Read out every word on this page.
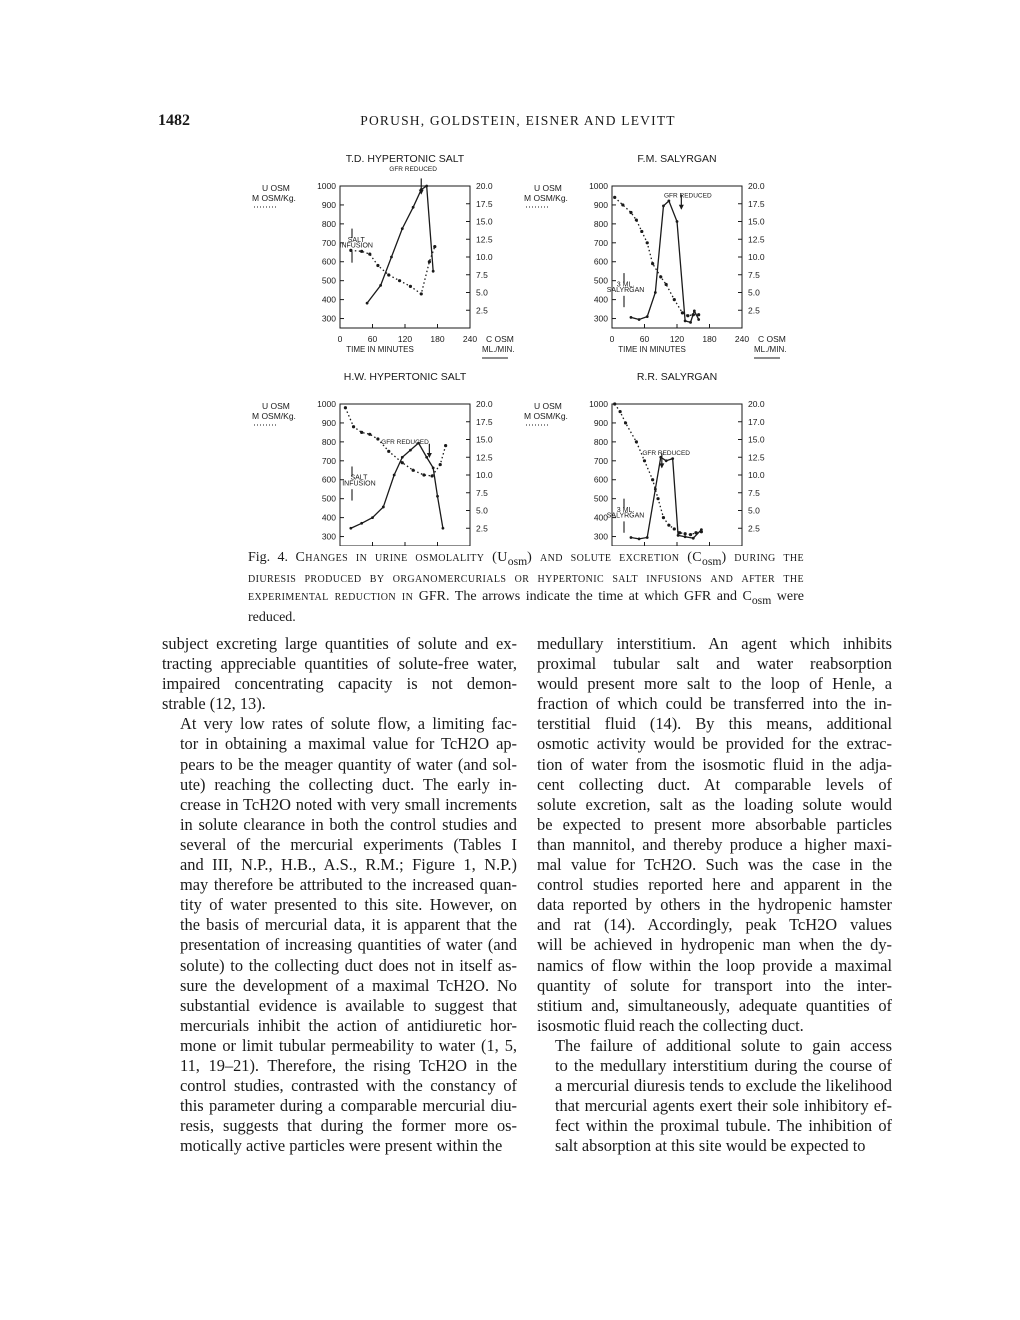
1482	PORUSH, GOLDSTEIN, EISNER AND LEVITT
T.D. HYPERTONIC SALT
U OSM
M OSM/Kg.
1000
900
800
700
600
500
400
300
20.0
17.5
15.0
12.5
10.0
7.5
5.0
2.5
C OSM
ML./MIN.
0	60 120 180 240
TIME IN MINUTES
GFR REDUCED
SALT
INFUSION
F.M. SALYRGAN
U OSM
M OSM/Kg.
1000
900
800
700
600
500
400
300
20.0
17.5
15.0
12.5
10.0
7.5
5.0
2.5
C OSM
ML./MIN.
0	60 120 180 240
TIME IN MINUTES
GFR REDUCED
3 ML.
SALYRGAN
H.W. HYPERTONIC SALT
U OSM
M OSM/Kg.
1000
900
800
700
600
500
400
300
20.0
17.5
15.0
12.5
10.0
7.5
5.0
2.5
GFR REDUCED
SALT
INFUSION
R.R. SALYRGAN
U OSM
M OSM/Kg.
1000
900
800
700
600
500
400
300
20.0
17.0
15.0
12.5
10.0
7.5
5.0
2.5
GFR REDUCED
3 ML.
SALYRGAN
Fig. 4. Changes in urine osmolality $(U_{osm})$ and solute excretion $(C_{osm})$ during the diuresis produced by organomercurials or hypertonic salt infusions and after the experimental reduction in GFR. The arrows indicate the time at which GFR and $C_{osm}$ were reduced.

subject excreting large quantities of solute and ex-
tracting appreciable quantities of solute-free water,
impaired concentrating capacity is not demon-
strable (12, 13).

At very low rates of solute flow, a limiting fac-
tor in obtaining a maximal value for TcH2O ap-
pears to be the meager quantity of water (and sol-
ute) reaching the collecting duct. The early in-
crease in TcH2O noted with very small increments
in solute clearance in both the control studies and
several of the mercurial experiments (Tables I
and III, N.P., H.B., A.S., R.M.; Figure 1, N.P.)
may therefore be attributed to the increased quan-
tity of water presented to this site. However, on
the basis of mercurial data, it is apparent that the
presentation of increasing quantities of water (and
solute) to the collecting duct does not in itself as-
sure the development of a maximal TcH2O. No
substantial evidence is available to suggest that
mercurials inhibit the action of antidiuretic hor-
mone or limit tubular permeability to water (1, 5,
11, 19–21). Therefore, the rising TcH2O in the
control studies, contrasted with the constancy of
this parameter during a comparable mercurial diu-
resis, suggests that during the former more os-
motically active particles were present within the

medullary interstitium. An agent which inhibits
proximal tubular salt and water reabsorption
would present more salt to the loop of Henle, a
fraction of which could be transferred into the in-
terstitial fluid (14). By this means, additional
osmotic activity would be provided for the extrac-
tion of water from the isosmotic fluid in the adja-
cent collecting duct. At comparable levels of
solute excretion, salt as the loading solute would
be expected to present more absorbable particles
than mannitol, and thereby produce a higher maxi-
mal value for TcH2O. Such was the case in the
control studies reported here and apparent in the
data reported by others in the hydropenic hamster
and rat (14). Accordingly, peak TcH2O values
will be achieved in hydropenic man when the dy-
namics of flow within the loop provide a maximal
quantity of solute for transport into the inter-
stitium and, simultaneously, adequate quantities of
isosmotic fluid reach the collecting duct.

The failure of additional solute to gain access
to the medullary interstitium during the course of
a mercurial diuresis tends to exclude the likelihood
that mercurial agents exert their sole inhibitory ef-
fect within the proximal tubule. The inhibition of
salt absorption at this site would be expected to
